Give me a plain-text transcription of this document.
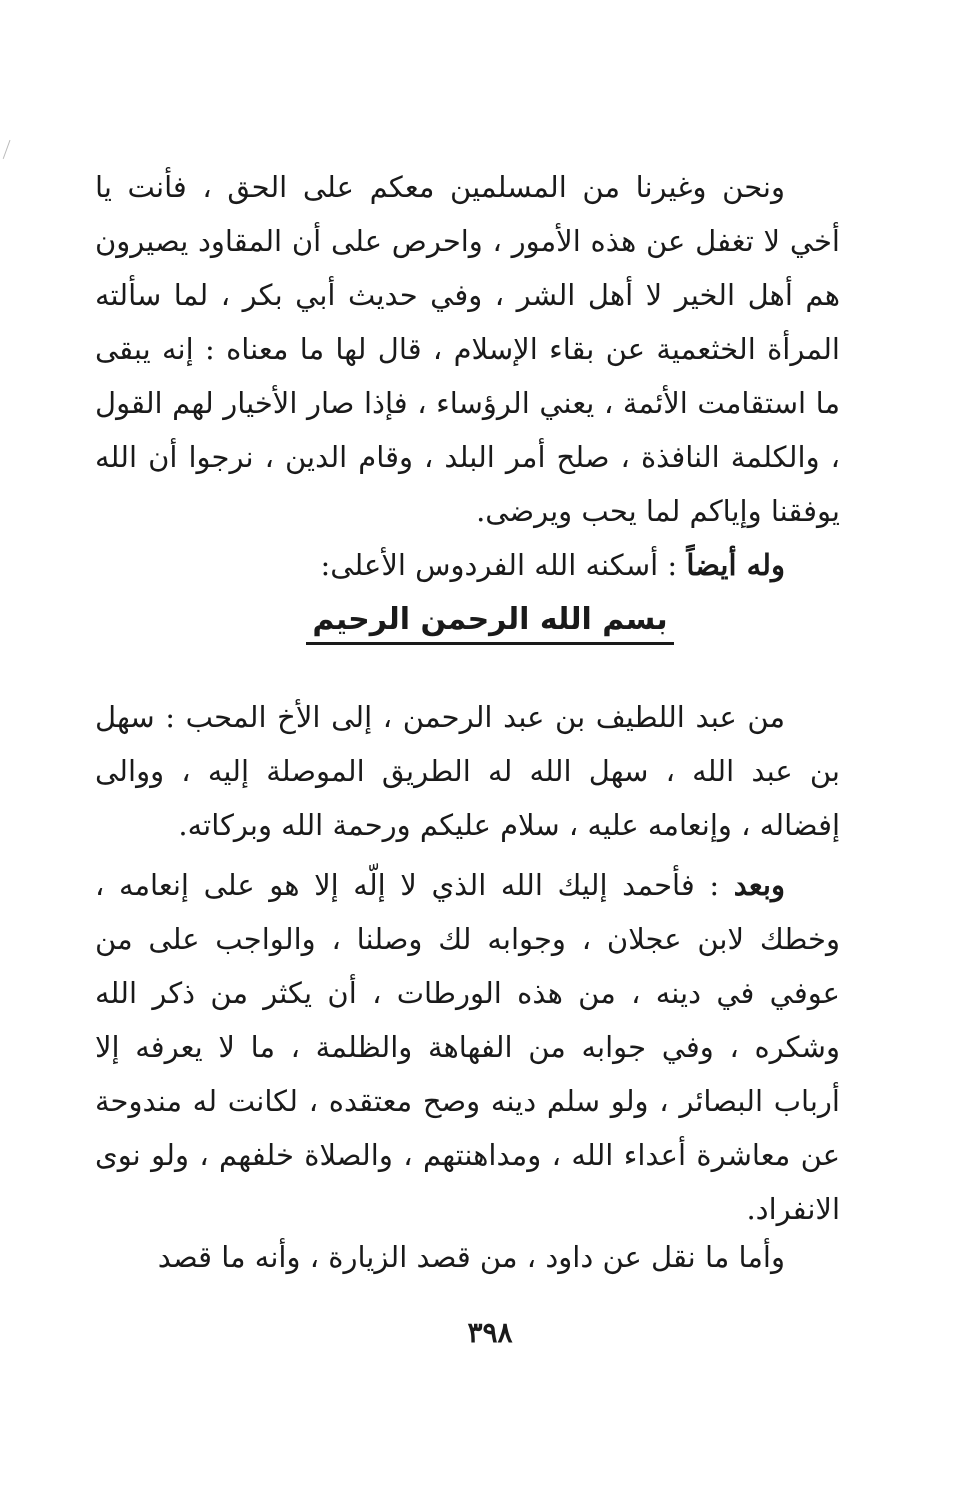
ونحن وغيرنا من المسلمين معكم على الحق ، فأنت يا أخي لا تغفل عن هذه الأمور ، واحرص على أن المقاود يصيرون هم أهل الخير لا أهل الشر ، وفي حديث أبي بكر ، لما سألته المرأة الخثعمية عن بقاء الإسلام ، قال لها ما معناه : إنه يبقى ما استقامت الأئمة ، يعني الرؤساء ، فإذا صار الأخيار لهم القول ، والكلمة النافذة ، صلح أمر البلد ، وقام الدين ، نرجوا أن الله يوفقنا وإياكم لما يحب ويرضى.

وله أيضاً : أسكنه الله الفردوس الأعلى:

بسم الله الرحمن الرحيم

من عبد اللطيف بن عبد الرحمن ، إلى الأخ المحب : سهل بن عبد الله ، سهل الله له الطريق الموصلة إليه ، ووالى إفضاله ، وإنعامه عليه ، سلام عليكم ورحمة الله وبركاته.

وبعد : فأحمد إليك الله الذي لا إلّه إلا هو على إنعامه ، وخطك لابن عجلان ، وجوابه لك وصلنا ، والواجب على من عوفي في دينه ، من هذه الورطات ، أن يكثر من ذكر الله وشكره ، وفي جوابه من الفهاهة والظلمة ، ما لا يعرفه إلا أرباب البصائر ، ولو سلم دينه وصح معتقده ، لكانت له مندوحة عن معاشرة أعداء الله ، ومداهنتهم ، والصلاة خلفهم ، ولو نوى الانفراد.

وأما ما نقل عن داود ، من قصد الزيارة ، وأنه ما قصد

٣٩٨
